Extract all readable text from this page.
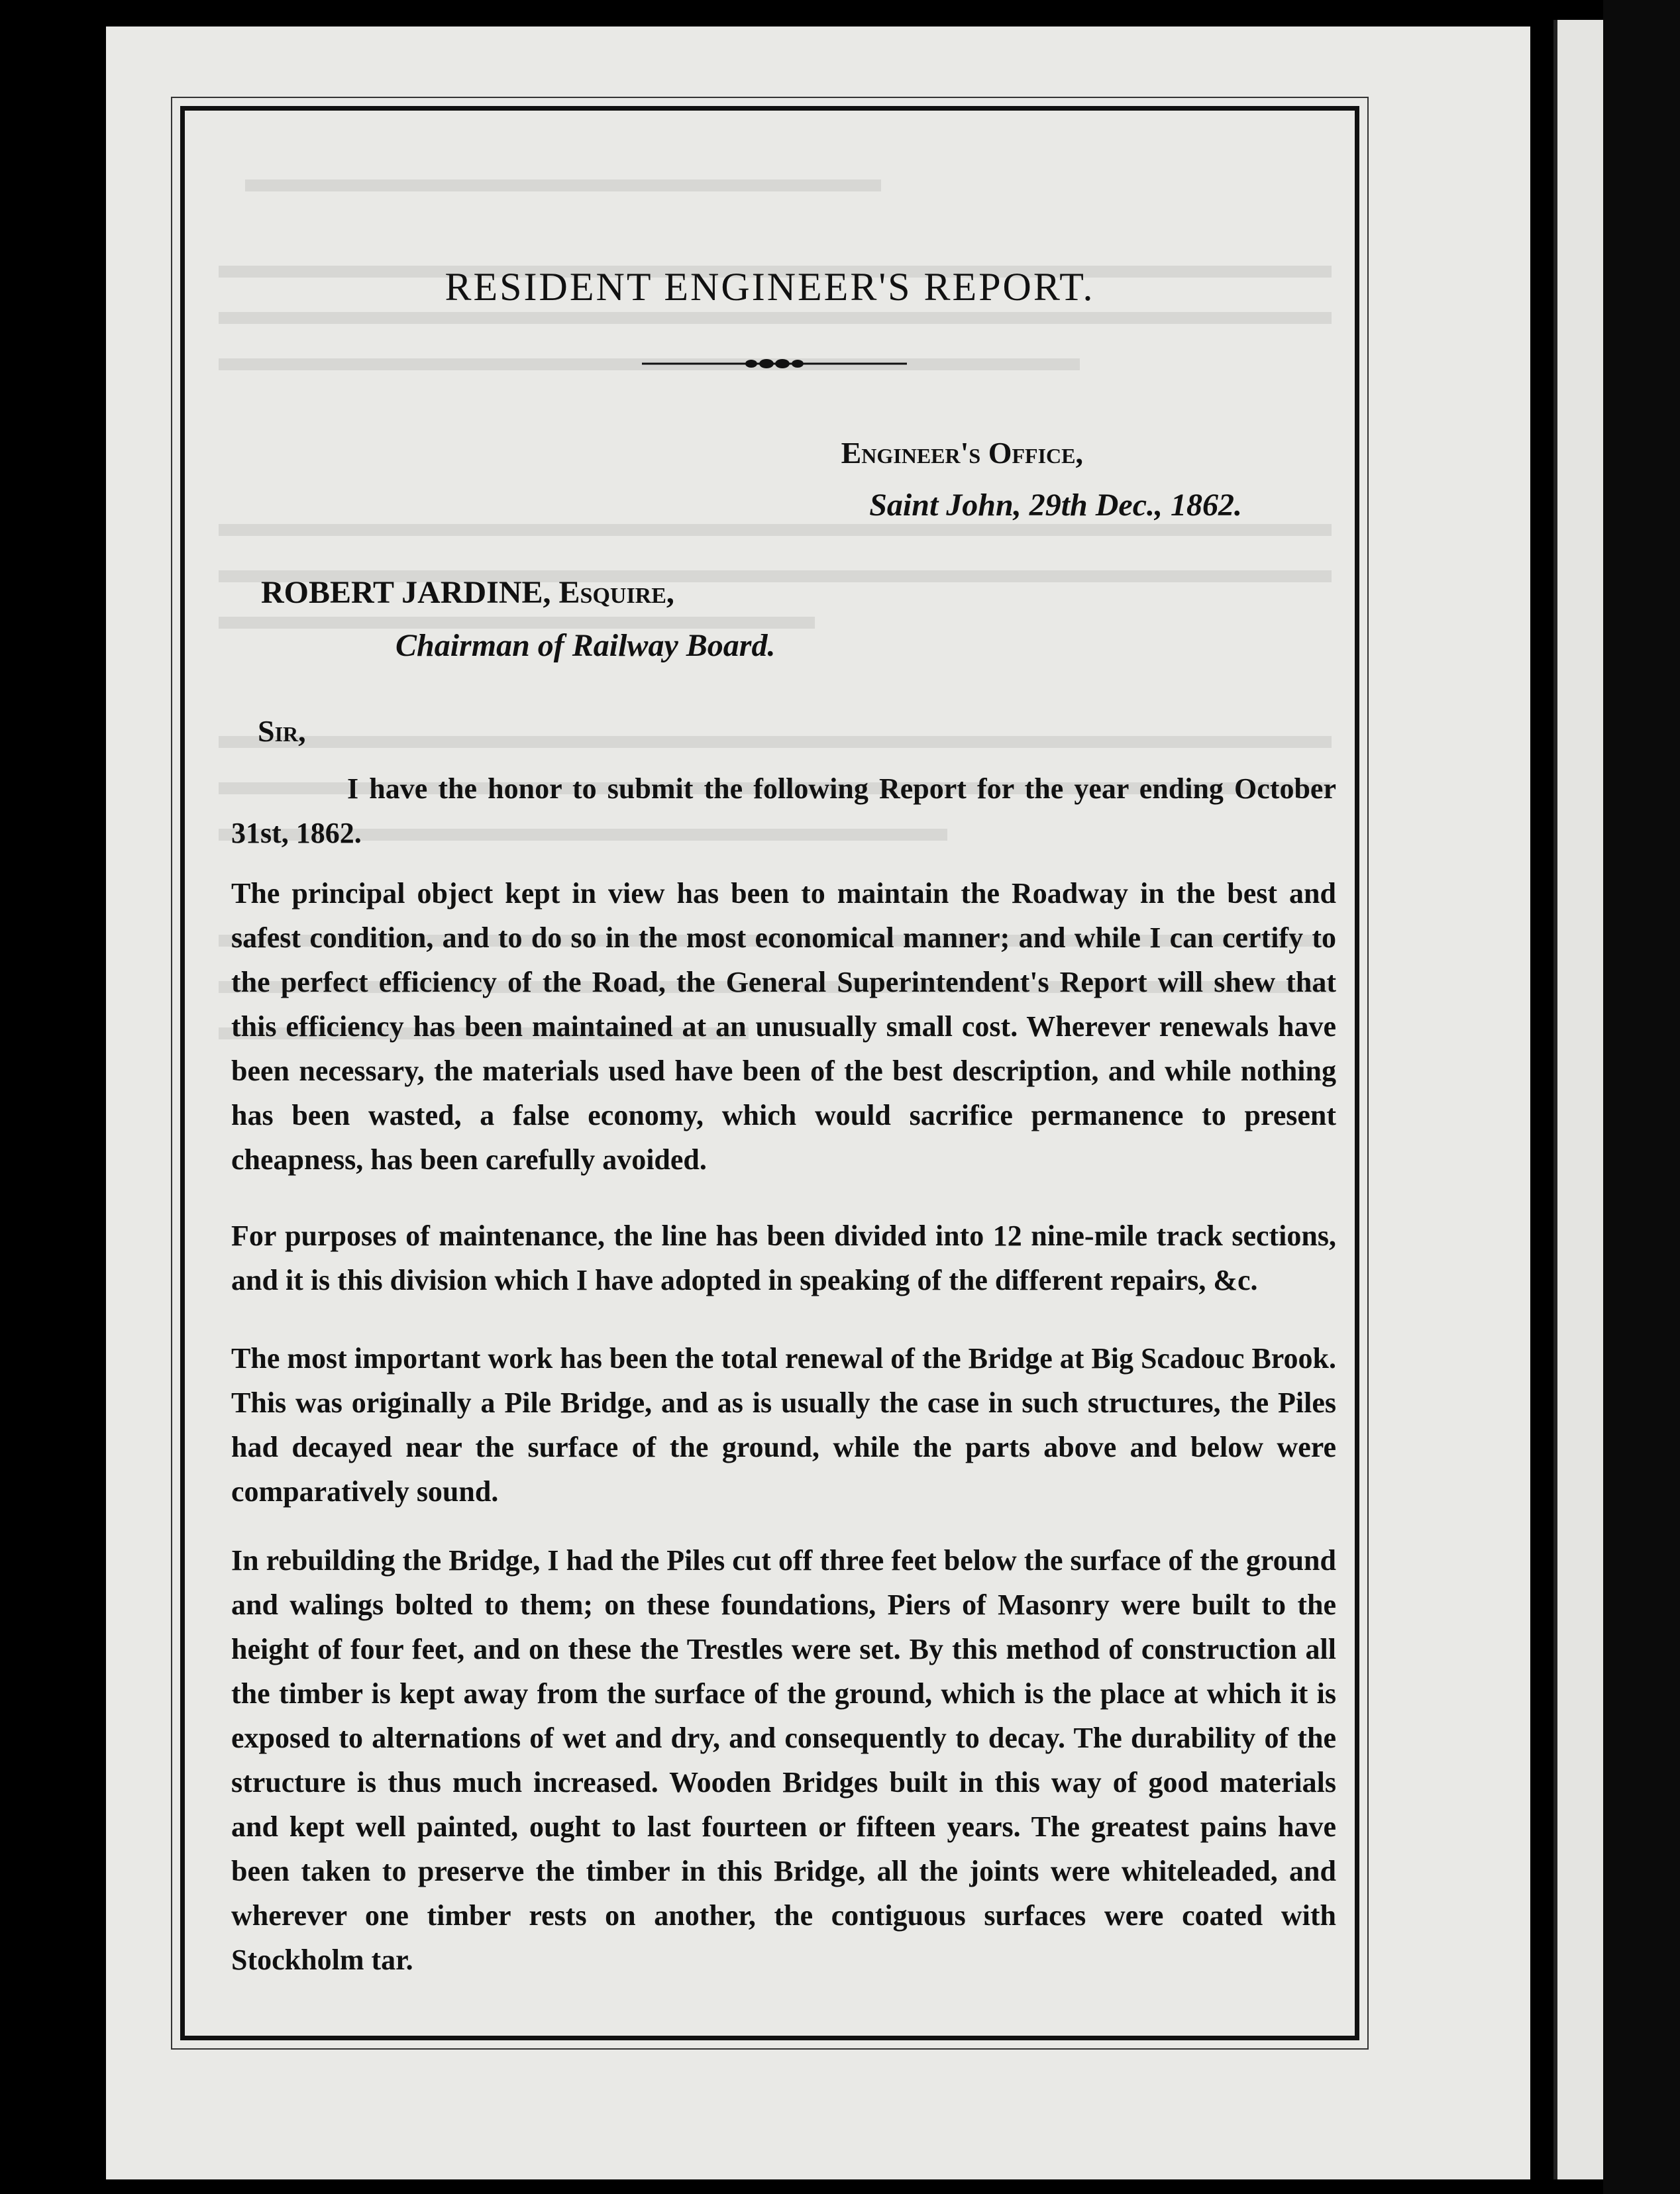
RESIDENT ENGINEER'S REPORT.
Engineer's Office,
Saint John, 29th Dec., 1862.
ROBERT JARDINE, Esquire,
Chairman of Railway Board.
Sir,

I have the honor to submit the following Report for the year ending October 31st, 1862.

The principal object kept in view has been to maintain the Roadway in the best and safest condition, and to do so in the most economical manner; and while I can certify to the perfect efficiency of the Road, the General Superintendent's Report will shew that this efficiency has been maintained at an unusually small cost. Wherever renewals have been necessary, the materials used have been of the best description, and while nothing has been wasted, a false economy, which would sacrifice permanence to present cheapness, has been carefully avoided.

For purposes of maintenance, the line has been divided into 12 nine-mile track sections, and it is this division which I have adopted in speaking of the different repairs, &c.

The most important work has been the total renewal of the Bridge at Big Scadouc Brook. This was originally a Pile Bridge, and as is usually the case in such structures, the Piles had decayed near the surface of the ground, while the parts above and below were comparatively sound.

In rebuilding the Bridge, I had the Piles cut off three feet below the surface of the ground and walings bolted to them; on these foundations, Piers of Masonry were built to the height of four feet, and on these the Trestles were set. By this method of construction all the timber is kept away from the surface of the ground, which is the place at which it is exposed to alternations of wet and dry, and consequently to decay. The durability of the structure is thus much increased. Wooden Bridges built in this way of good materials and kept well painted, ought to last fourteen or fifteen years. The greatest pains have been taken to preserve the timber in this Bridge, all the joints were whiteleaded, and wherever one timber rests on another, the contiguous surfaces were coated with Stockholm tar.
